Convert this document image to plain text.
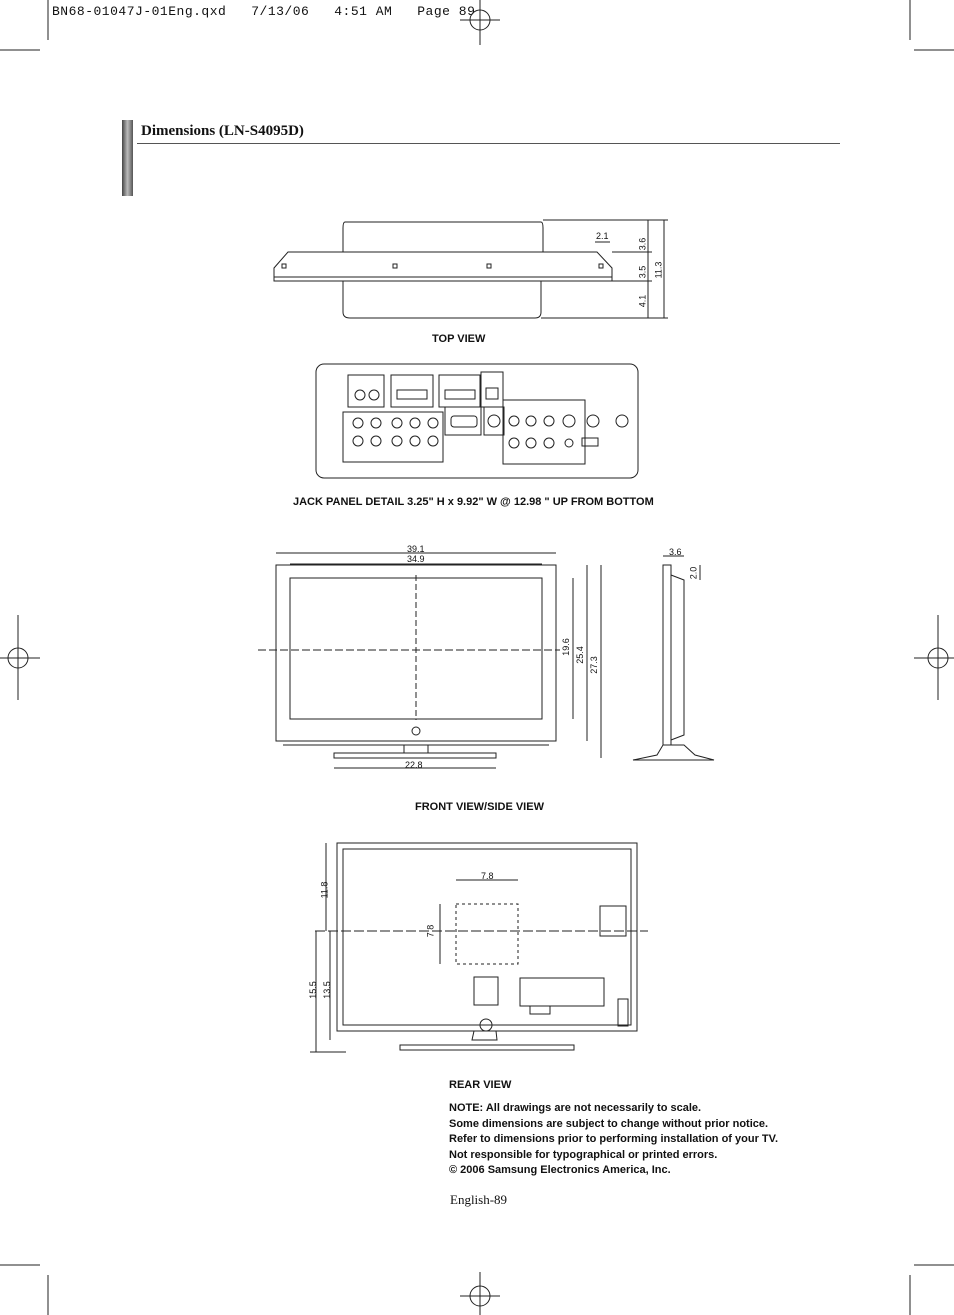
BN68-01047J-01Eng.qxd   7/13/06   4:51 AM   Page 89
Dimensions (LN-S4095D)
2.1
3.6
3.5 11.3
4.1
TOP VIEW
JACK PANEL DETAIL 3.25" H x 9.92" W @ 12.98 " UP FROM BOTTOM
39.1
34.9
19.6 25.4
27.3
22.8
3.6
2.0
FRONT VIEW/SIDE VIEW
7.8
7.8
11.8
15.5 13.5
REAR VIEW
NOTE: All drawings are not necessarily to scale.
Some dimensions are subject to change without prior notice.
Refer to dimensions prior to performing installation of your TV.
Not responsible for typographical or printed errors.
© 2006 Samsung Electronics America, Inc.
English-89
